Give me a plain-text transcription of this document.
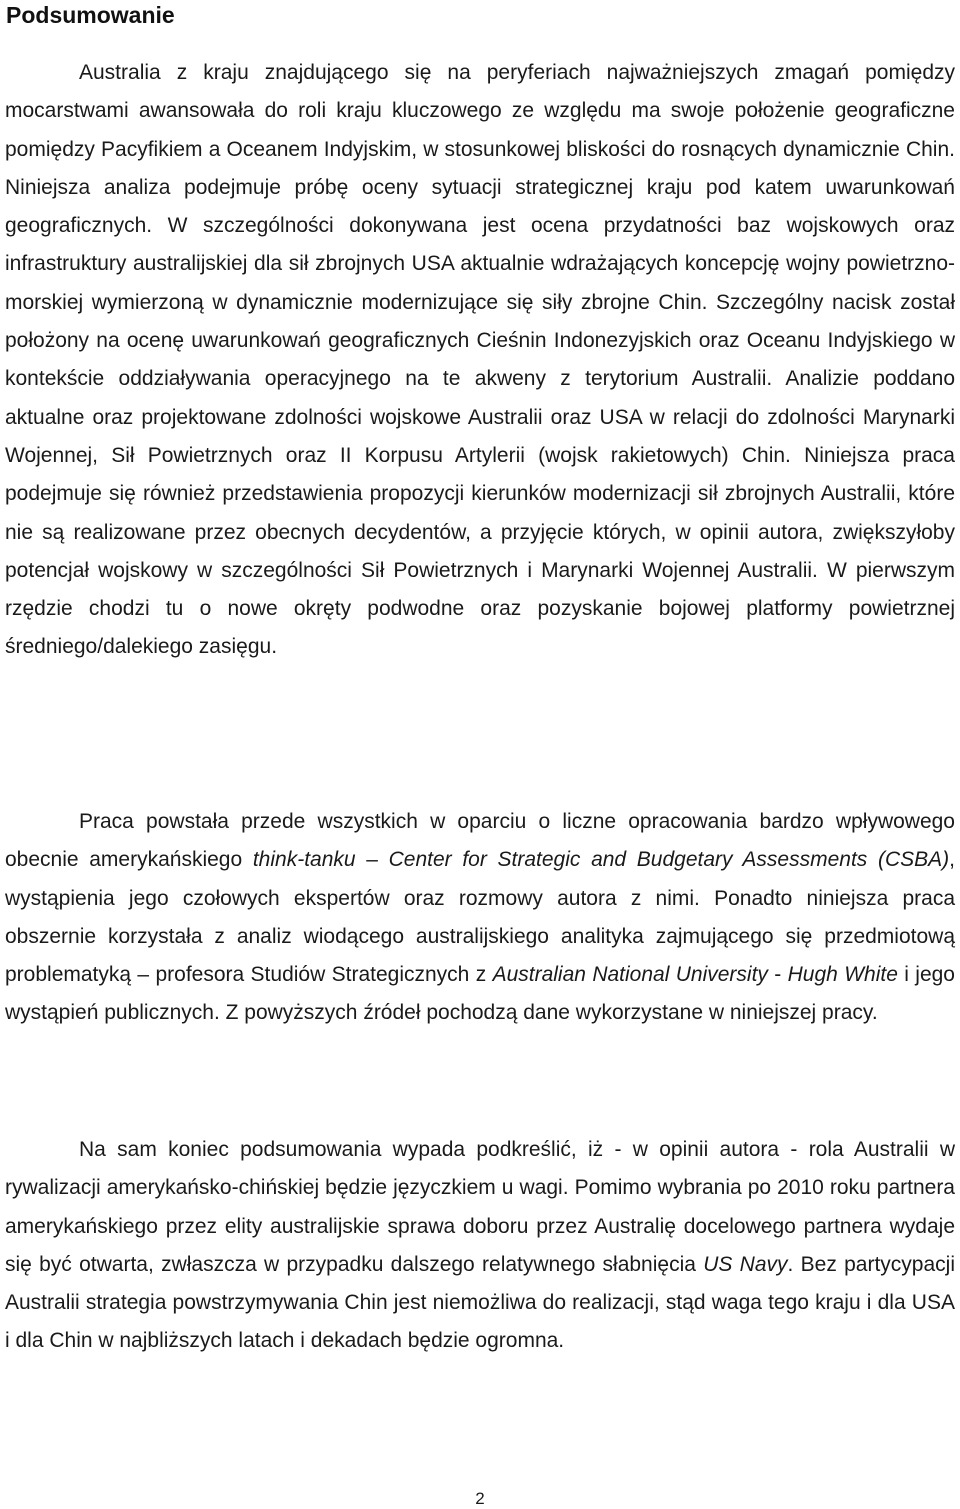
Podsumowanie

Australia z kraju znajdującego się na peryferiach najważniejszych zmagań pomiędzy mocarstwami awansowała do roli kraju kluczowego ze względu ma swoje położenie geograficzne pomiędzy Pacyfikiem a Oceanem Indyjskim, w stosunkowej bliskości do rosnących dynamicznie Chin. Niniejsza analiza podejmuje próbę oceny sytuacji strategicznej kraju pod katem uwarunkowań geograficznych. W szczególności dokonywana jest ocena przydatności baz wojskowych oraz infrastruktury australijskiej dla sił zbrojnych USA aktualnie wdrażających koncepcję wojny powietrzno-morskiej wymierzoną w dynamicznie modernizujące się siły zbrojne Chin. Szczególny nacisk został położony na ocenę uwarunkowań geograficznych Cieśnin Indonezyjskich oraz Oceanu Indyjskiego w kontekście oddziaływania operacyjnego na te akweny z terytorium Australii. Analizie poddano aktualne oraz projektowane zdolności wojskowe Australii oraz USA w relacji do zdolności Marynarki Wojennej, Sił Powietrznych oraz II Korpusu Artylerii (wojsk rakietowych) Chin. Niniejsza praca podejmuje się również przedstawienia propozycji kierunków modernizacji sił zbrojnych Australii, które nie są realizowane przez obecnych decydentów, a przyjęcie których, w opinii autora, zwiększyłoby potencjał wojskowy w szczególności Sił Powietrznych i Marynarki Wojennej Australii. W pierwszym rzędzie chodzi tu o nowe okręty podwodne oraz pozyskanie bojowej platformy powietrznej średniego/dalekiego zasięgu.

Praca powstała przede wszystkich w oparciu o liczne opracowania bardzo wpływowego obecnie amerykańskiego think-tanku – Center for Strategic and Budgetary Assessments (CSBA), wystąpienia jego czołowych ekspertów oraz rozmowy autora z nimi. Ponadto niniejsza praca obszernie korzystała z analiz wiodącego australijskiego analityka zajmującego się przedmiotową problematyką – profesora Studiów Strategicznych z Australian National University - Hugh White i jego wystąpień publicznych. Z powyższych źródeł pochodzą dane wykorzystane w niniejszej pracy.

Na sam koniec podsumowania wypada podkreślić, iż - w opinii autora - rola Australii w rywalizacji amerykańsko-chińskiej będzie języczkiem u wagi. Pomimo wybrania po 2010 roku partnera amerykańskiego przez elity australijskie sprawa doboru przez Australię docelowego partnera wydaje się być otwarta, zwłaszcza w przypadku dalszego relatywnego słabnięcia US Navy. Bez partycypacji Australii strategia powstrzymywania Chin jest niemożliwa do realizacji, stąd waga tego kraju i dla USA i dla Chin w najbliższych latach i dekadach będzie ogromna.

2
